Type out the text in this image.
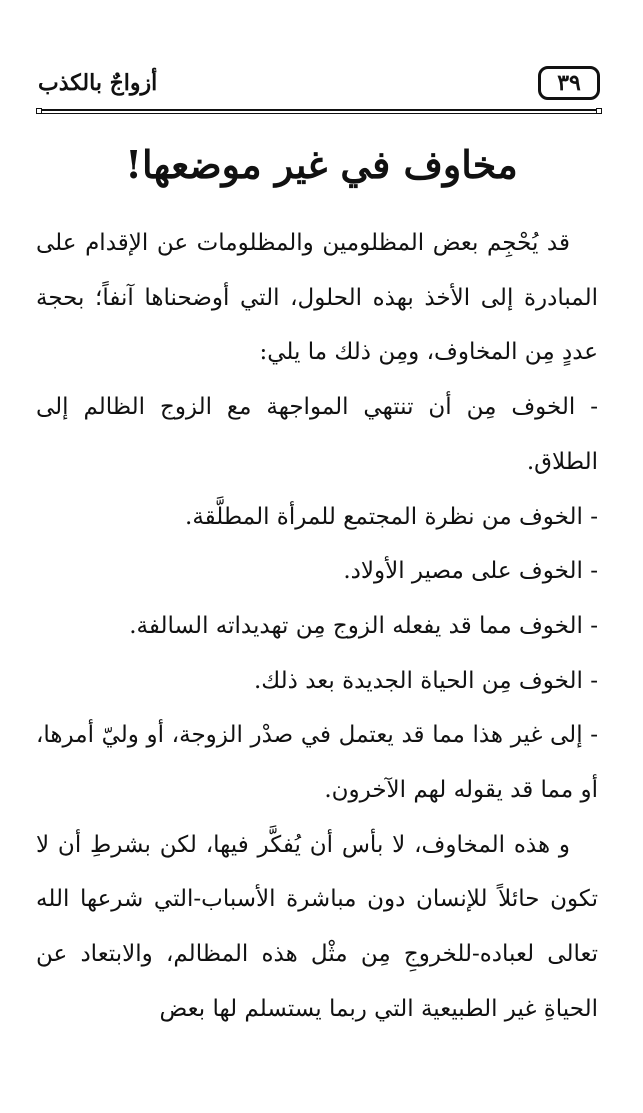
٣٩
أزواجٌ بالكذب
مخاوف في غير موضعها!

قد يُحْجِم بعض المظلومين والمظلومات عن الإقدام على المبادرة إلى الأخذ بهذه الحلول، التي أوضحناها آنفاً؛ بحجة عددٍ مِن المخاوف، ومِن ذلك ما يلي:

- الخوف مِن أن تنتهي المواجهة مع الزوج الظالم إلى الطلاق.

- الخوف من نظرة المجتمع للمرأة المطلَّقة.

- الخوف على مصير الأولاد.

- الخوف مما قد يفعله الزوج مِن تهديداته السالفة.

- الخوف مِن الحياة الجديدة بعد ذلك.

- إلى غير هذا مما قد يعتمل في صدْر الزوجة، أو وليّ أمرها، أو مما قد يقوله لهم الآخرون.

و هذه المخاوف، لا بأس أن يُفكَّر فيها، لكن بشرطِ أن لا تكون حائلاً للإنسان دون مباشرة الأسباب-التي شرعها الله تعالى لعباده-للخروجِ مِن مثْل هذه المظالم، والابتعاد عن الحياةِ غير الطبيعية التي ربما يستسلم لها بعض
